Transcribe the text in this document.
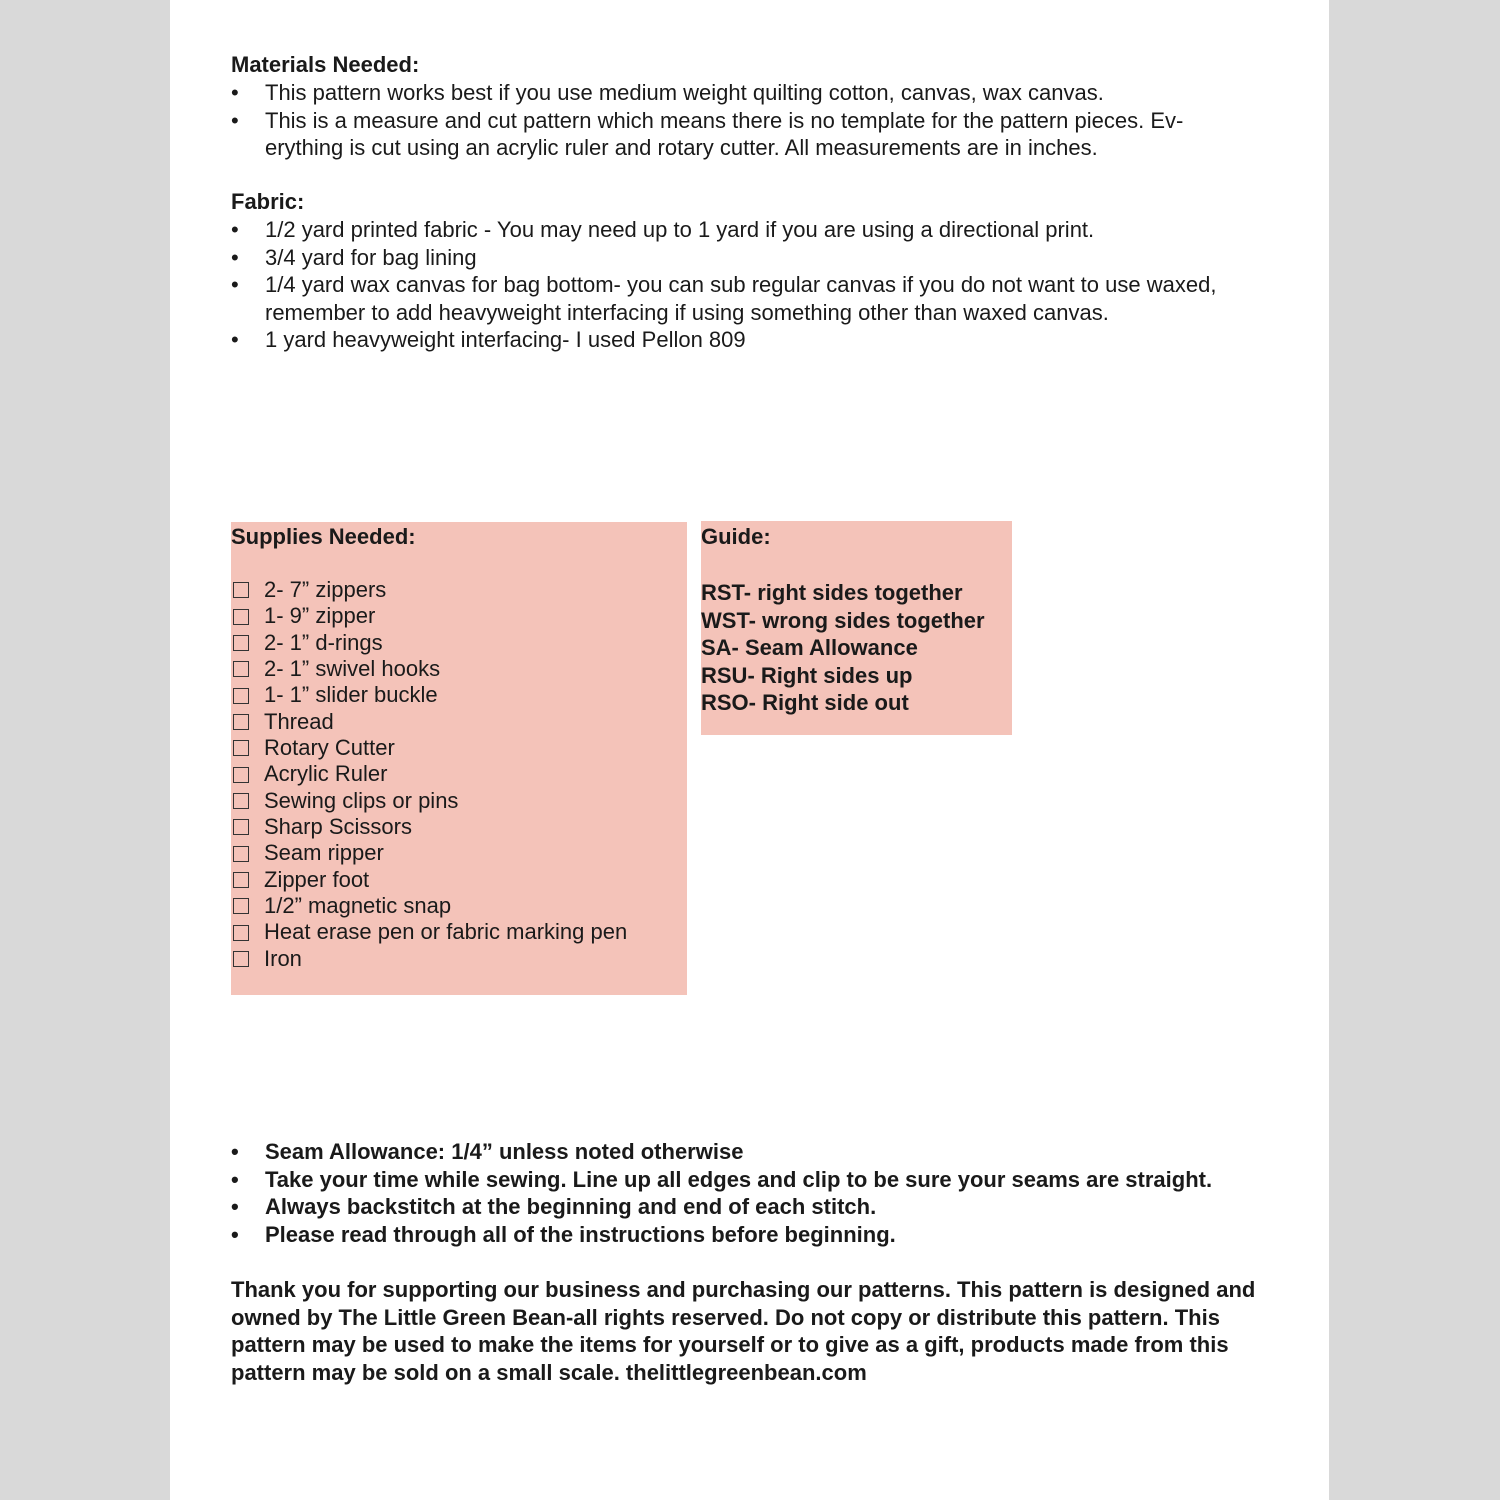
Materials Needed:

•	This pattern works best if you use medium weight quilting cotton, canvas, wax canvas.
•	This is a measure and cut pattern which means there is no template for the pattern pieces. Ev-erything is cut using an acrylic ruler and rotary cutter. All measurements are in inches.

Fabric:

•	1/2 yard printed fabric - You may need up to 1 yard if you are using a directional print.
•	3/4 yard for bag lining
•	1/4 yard wax canvas for bag bottom- you can sub regular canvas if you do not want to use waxed, remember to add heavyweight interfacing if using something other than waxed canvas.
•	1 yard heavyweight interfacing- I used Pellon 809
Supplies Needed:
2- 7” zippers
1- 9” zipper
2- 1” d-rings
2- 1” swivel hooks
1- 1” slider buckle
Thread
Rotary Cutter
Acrylic Ruler
Sewing clips or pins
Sharp Scissors
Seam ripper
Zipper foot
1/2” magnetic snap
Heat erase pen or fabric marking pen
Iron
Guide:
RST- right sides together
WST- wrong sides together
SA- Seam Allowance
RSU- Right sides up
RSO- Right side out
•	Seam Allowance: 1/4” unless noted otherwise
•	Take your time while sewing. Line up all edges and clip to be sure your seams are straight.
•	Always backstitch at the beginning and end of each stitch.
•	Please read through all of the instructions before beginning.

Thank you for supporting our business and purchasing our patterns. This pattern is designed and owned by The Little Green Bean-all rights reserved. Do not copy or distribute this pattern. This pattern may be used to make the items for yourself or to give as a gift, products made from this pattern may be sold on a small scale. thelittlegreenbean.com
